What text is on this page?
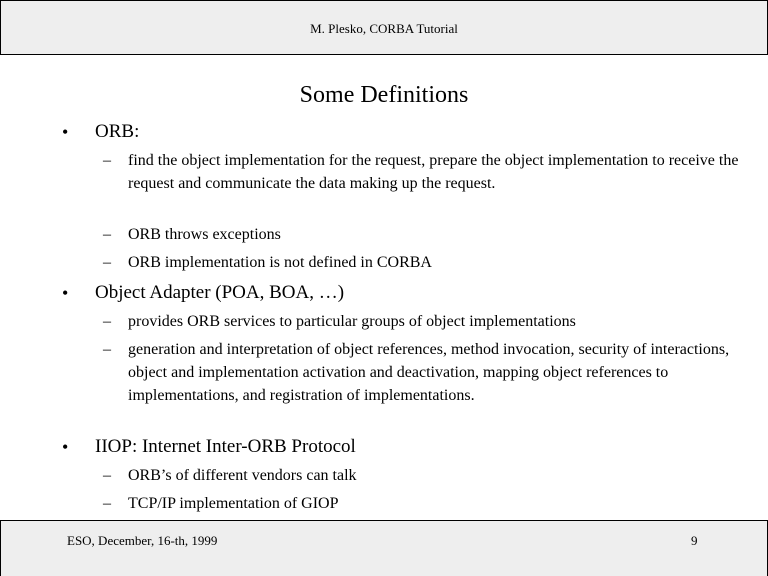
M. Plesko, CORBA Tutorial
Some Definitions
• ORB:
– find the object implementation for the request, prepare the object implementation to receive the request and communicate the data making up the request.
– ORB throws exceptions
– ORB implementation is not defined in CORBA
• Object Adapter (POA, BOA, …)
– provides ORB services to particular groups of object implementations
– generation and interpretation of object references, method invocation, security of interactions, object and implementation activation and deactivation, mapping object references to implementations, and registration of implementations.
• IIOP: Internet Inter-ORB Protocol
– ORB’s of different vendors can talk
– TCP/IP implementation of GIOP
ESO, December, 16-th, 1999	9
